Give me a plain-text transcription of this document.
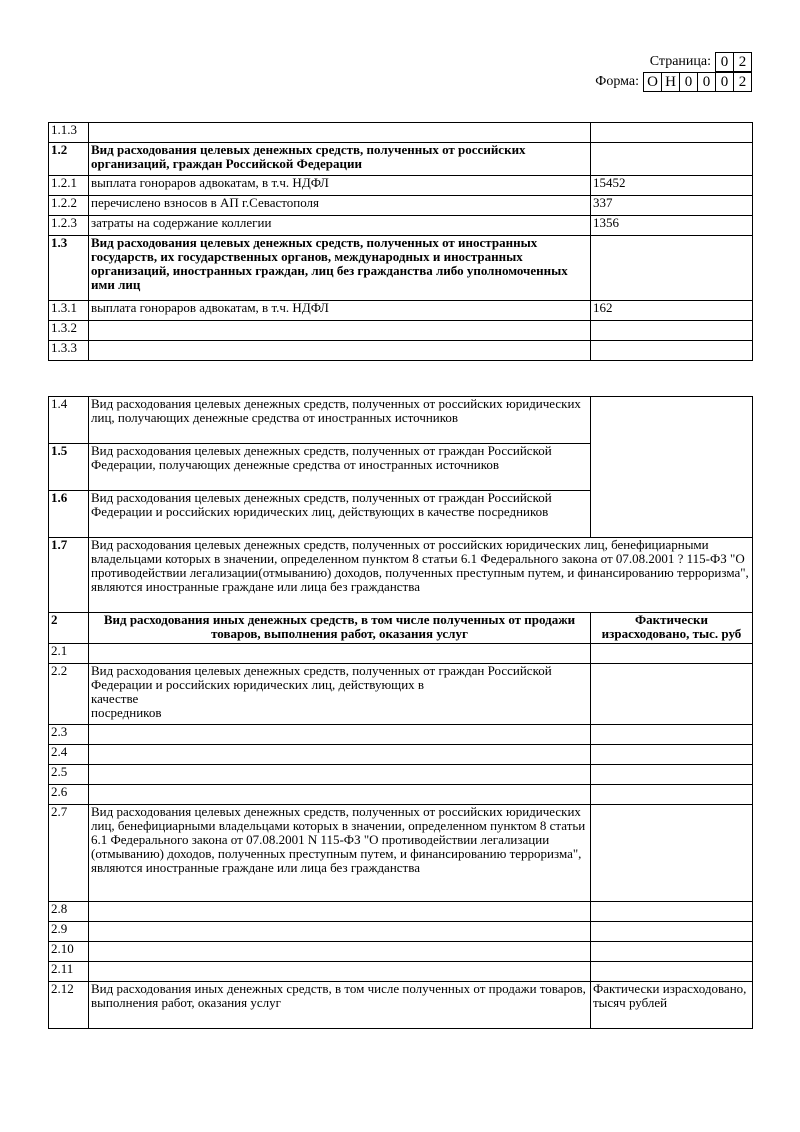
Страница: 0 2
Форма: О Н 0 0 0 2
1.1.3		
1.2	Вид расходования целевых денежных средств, полученных от российских организаций, граждан Российской Федерации	
1.2.1	выплата гонораров адвокатам, в т.ч. НДФЛ	15452
1.2.2	перечислено взносов в АП г.Севастополя	337
1.2.3	затраты на содержание коллегии	1356
1.3	Вид расходования целевых денежных средств, полученных от иностранных государств, их государственных органов, международных и иностранных организаций, иностранных граждан, лиц без гражданства либо уполномоченных ими лиц	
1.3.1	выплата гонораров адвокатам, в т.ч. НДФЛ	162
1.3.2		
1.3.3		
1.4	Вид расходования целевых денежных средств, полученных от российских юридических лиц, получающих денежные средства от иностранных источников	

1.5	Вид расходования целевых денежных средств, полученных от граждан Российской Федерации, получающих денежные средства от иностранных источников	
1.6	Вид расходования целевых денежных средств, полученных от граждан Российской Федерации и российских юридических лиц, действующих в качестве посредников	
1.7	Вид расходования целевых денежных средств, полученных от российских юридических лиц, бенефициарными владельцами которых в значении, определенном пунктом 8 статьи 6.1 Федерального закона от 07.08.2001 ? 115-ФЗ "О противодействии легализации(отмыванию) доходов, полученных преступным путем, и финансированию терроризма", являются иностранные граждане или лица без гражданства	
2	Вид расходования иных денежных средств, в том числе полученных от продажи товаров, выполнения работ, оказания услуг	Фактически израсходовано, тыс. руб
2.1		
2.2	Вид расходования целевых денежных средств, полученных от граждан Российской Федерации и российских юридических лиц, действующих в
качестве
посредников	

2.3		
2.4		
2.5		
2.6		
2.7	Вид расходования целевых денежных средств, полученных от российских юридических лиц, бенефициарными владельцами которых в значении, определенном пунктом 8 статьи 6.1 Федерального закона от 07.08.2001 N 115-ФЗ "О противодействии легализации (отмыванию) доходов, полученных преступным путем, и финансированию терроризма", являются иностранные граждане или лица без гражданства	
2.8		
2.9		
2.10		
2.11		
2.12	Вид расходования иных денежных средств, в том числе полученных от продажи товаров, выполнения работ, оказания услуг	Фактически израсходовано, тысяч рублей
